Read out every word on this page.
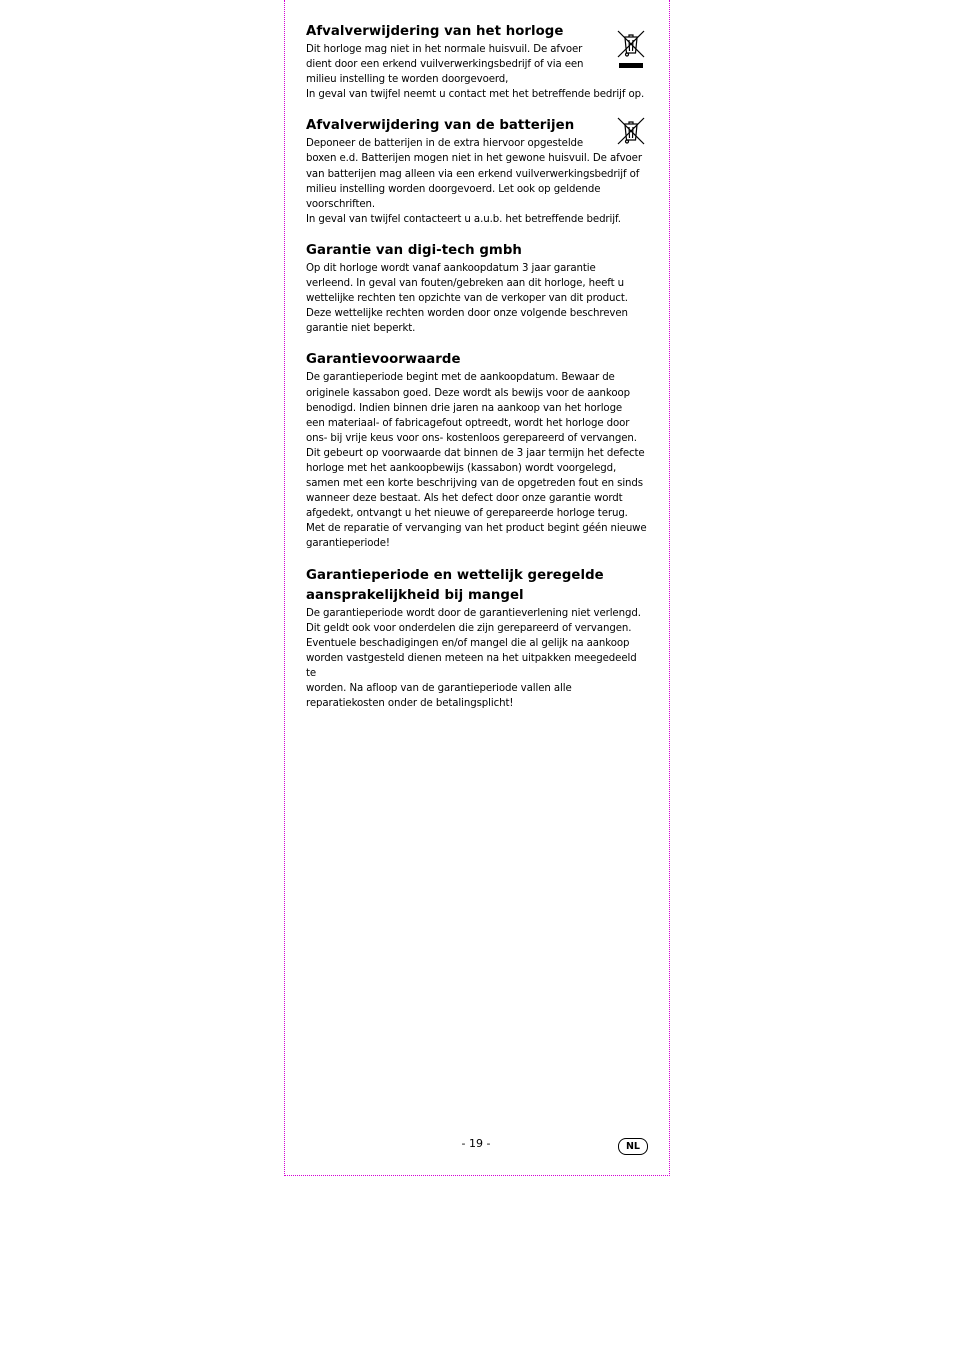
Afvalverwijdering van het horloge

Dit horloge mag niet in het normale huisvuil. De afvoer

dient door een erkend vuilverwerkingsbedrijf of via een

milieu instelling te worden doorgevoerd,

In geval van twijfel neemt u contact met het betreffende bedrijf op.

Afvalverwijdering van de batterijen

Deponeer de batterijen in de extra hiervoor opgestelde

boxen e.d. Batterijen mogen niet in het gewone huisvuil. De afvoer

van batterijen mag alleen via een erkend vuilverwerkingsbedrijf of

milieu instelling worden doorgevoerd. Let ook op geldende

voorschriften.

In geval van twijfel contacteert u a.u.b. het betreffende bedrijf.

Garantie van digi-tech gmbh

Op dit horloge wordt vanaf aankoopdatum 3 jaar garantie

verleend. In geval van fouten/gebreken aan dit horloge, heeft u

wettelijke rechten ten opzichte van de verkoper van dit product.

Deze wettelijke rechten worden door onze volgende beschreven

garantie niet beperkt.

Garantievoorwaarde

De garantieperiode begint met de aankoopdatum. Bewaar de

originele kassabon goed. Deze wordt als bewijs voor de aankoop

benodigd. Indien binnen drie jaren na aankoop van het horloge

een materiaal- of fabricagefout optreedt, wordt het horloge door

ons- bij vrije keus voor ons- kostenloos gerepareerd of vervangen.

Dit gebeurt op voorwaarde dat binnen de 3 jaar termijn het defecte

horloge met het aankoopbewijs (kassabon) wordt voorgelegd,

samen met een korte beschrijving van de opgetreden fout en sinds

wanneer deze bestaat. Als het defect door onze garantie wordt

afgedekt, ontvangt u het nieuwe of gerepareerde horloge terug.

Met de reparatie of vervanging van het product begint géén nieuwe

garantieperiode!

Garantieperiode en wettelijk geregelde
aansprakelijkheid bij mangel

De garantieperiode wordt door de garantieverlening niet verlengd.

Dit geldt ook voor onderdelen die zijn gerepareerd of vervangen.

Eventuele beschadigingen en/of mangel die al gelijk na aankoop

worden vastgesteld dienen meteen na het uitpakken meegedeeld te

worden. Na afloop van de garantieperiode vallen alle

reparatiekosten onder de betalingsplicht!

- 19 -	NL
